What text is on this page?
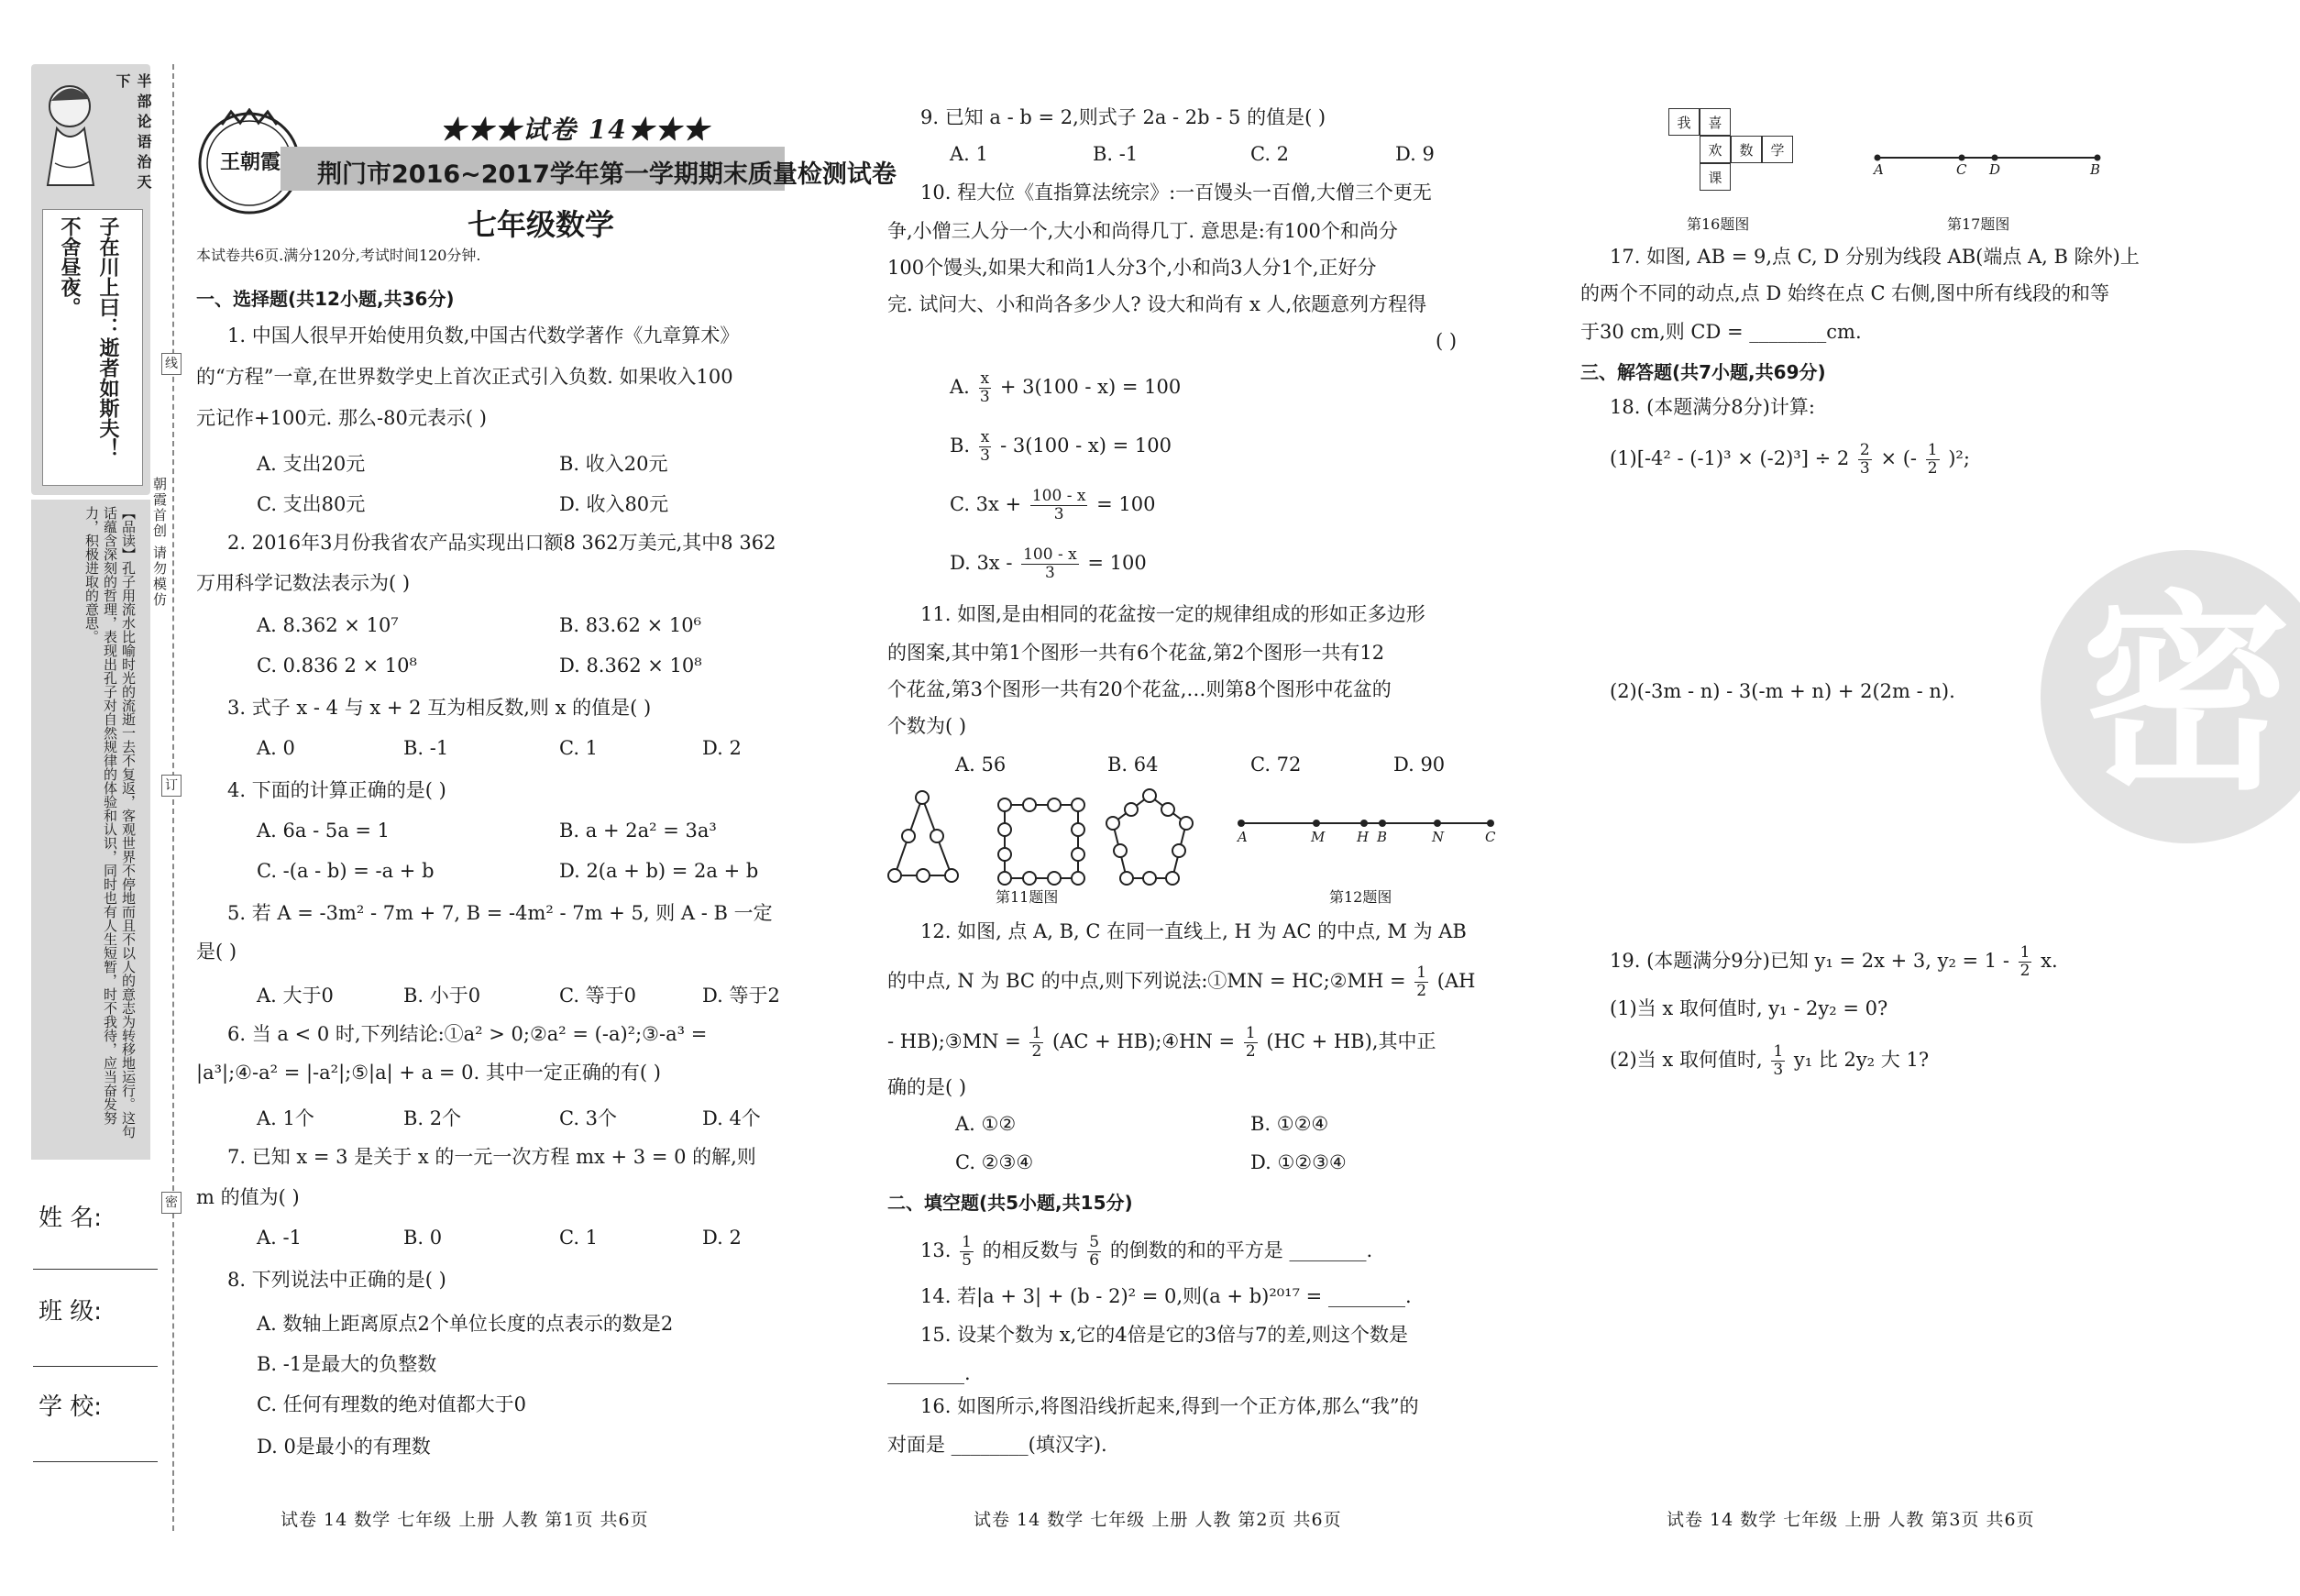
半部论语治天下
子在川上曰：逝者如斯夫！
不舍昼夜。
【品读】孔子用流水比喻时光的流逝一去不复返，客观世界不停地而且不以人的意志为转移地运行。这句话蕴含深刻的哲理，表现出孔子对自然规律的体验和认识，同时也有人生短暂，时不我待，应当奋发努力，积极进取的意思。	朝霞首创 请勿模仿
线
订
密
姓 名:
班 级:
学 校:
王朝霞
★★★试卷 14★★★
荆门市2016~2017学年第一学期期末质量检测试卷
七年级数学
本试卷共6页.满分120分,考试时间120分钟.
一、选择题(共12小题,共36分)
1. 中国人很早开始使用负数,中国古代数学著作《九章算术》
的“方程”一章,在世界数学史上首次正式引入负数. 如果收入100
元记作+100元. 那么-80元表示( )
A. 支出20元	B. 收入20元
C. 支出80元	D. 收入80元
2. 2016年3月份我省农产品实现出口额8 362万美元,其中8 362
万用科学记数法表示为( )
A. 8.362 × 10⁷	B. 83.62 × 10⁶
C. 0.836 2 × 10⁸	D. 8.362 × 10⁸
3. 式子 x - 4 与 x + 2 互为相反数,则 x 的值是( )
A. 0	B. -1	C. 1	D. 2
4. 下面的计算正确的是( )
A. 6a - 5a = 1	B. a + 2a² = 3a³
C. -(a - b) = -a + b	D. 2(a + b) = 2a + b
5. 若 A = -3m² - 7m + 7, B = -4m² - 7m + 5, 则 A - B 一定
是( )
A. 大于0	B. 小于0	C. 等于0	D. 等于2
6. 当 a < 0 时,下列结论:①a² > 0;②a² = (-a)²;③-a³ =
|a³|;④-a² = |-a²|;⑤|a| + a = 0. 其中一定正确的有( )
A. 1个	B. 2个	C. 3个	D. 4个
7. 已知 x = 3 是关于 x 的一元一次方程 mx + 3 = 0 的解,则
m 的值为( )
A. -1	B. 0	C. 1	D. 2
8. 下列说法中正确的是( )
A. 数轴上距离原点2个单位长度的点表示的数是2
B. -1是最大的负整数
C. 任何有理数的绝对值都大于0
D. 0是最小的有理数
试卷 14 数学 七年级 上册 人教 第1页 共6页
9. 已知 a - b = 2,则式子 2a - 2b - 5 的值是( )
A. 1	B. -1	C. 2	D. 9
10. 程大位《直指算法统宗》:一百馒头一百僧,大僧三个更无
争,小僧三人分一个,大小和尚得几丁. 意思是:有100个和尚分
100个馒头,如果大和尚1人分3个,小和尚3人分1个,正好分
完. 试问大、小和尚各多少人? 设大和尚有 x 人,依题意列方程得
( )
A. $\frac{x}{3} + 3(100 - x) = 100$
B. $\frac{x}{3} - 3(100 - x) = 100$
C. $3x + \frac{100 - x}{3} = 100$
D. $3x - \frac{100 - x}{3} = 100$
11. 如图,是由相同的花盆按一定的规律组成的形如正多边形
的图案,其中第1个图形一共有6个花盆,第2个图形一共有12
个花盆,第3个图形一共有20个花盆,…则第8个图形中花盆的
个数为( )
A. 56	B. 64	C. 72	D. 90
第11题图
A	M H B	N	C
第12题图
12. 如图, 点 A, B, C 在同一直线上, H 为 AC 的中点, M 为 AB
的中点, N 为 BC 的中点,则下列说法:①MN = HC;②MH = $\frac{1}{2} (AH$
- HB);③MN = $\frac{1}{2} (AC$ + HB);④HN = $\frac{1}{2} (HC + HB)$,其中正
确的是( )
A. ①②	B. ①②④
C. ②③④	D. ①②③④
二、填空题(共5小题,共15分)
13. $\frac{1}{5}$ 的相反数与 $\frac{5}{6}$ 的倒数的和的平方是 ________.
14. 若|a + 3| + (b - 2)² = 0,则(a + b)²⁰¹⁷ = ________.
15. 设某个数为 x,它的4倍是它的3倍与7的差,则这个数是
________.
16. 如图所示,将图沿线折起来,得到一个正方体,那么“我”的
对面是 ________(填汉字).
试卷 14 数学 七年级 上册 人教 第2页 共6页
我	喜
欢	数	学
课
第16题图
A	C D	B
第17题图
17. 如图, AB = 9,点 C, D 分别为线段 AB(端点 A, B 除外)上
的两个不同的动点,点 D 始终在点 C 右侧,图中所有线段的和等
于30 cm,则 CD = ________cm.
三、解答题(共7小题,共69分)
18. (本题满分8分)计算:
$(1)[-4^2 - (-1)^3 \times (-2)^3] \div 2 \frac{2}{3}$ × (- $\frac{1}{2} )^2$;
(2)(-3m - n) - 3(-m + n) + 2(2m - n). 密
19. (本题满分9分)已知 y₁ = 2x + 3, $y_2 = 1 - \frac{1}{2} x$.
(1)当 x 取何值时, y₁ - 2y₂ = 0?
(2)当 x 取何值时, $\frac{1}{3} y_1$ 比 2y₂ 大 1?
试卷 14 数学 七年级 上册 人教 第3页 共6页
